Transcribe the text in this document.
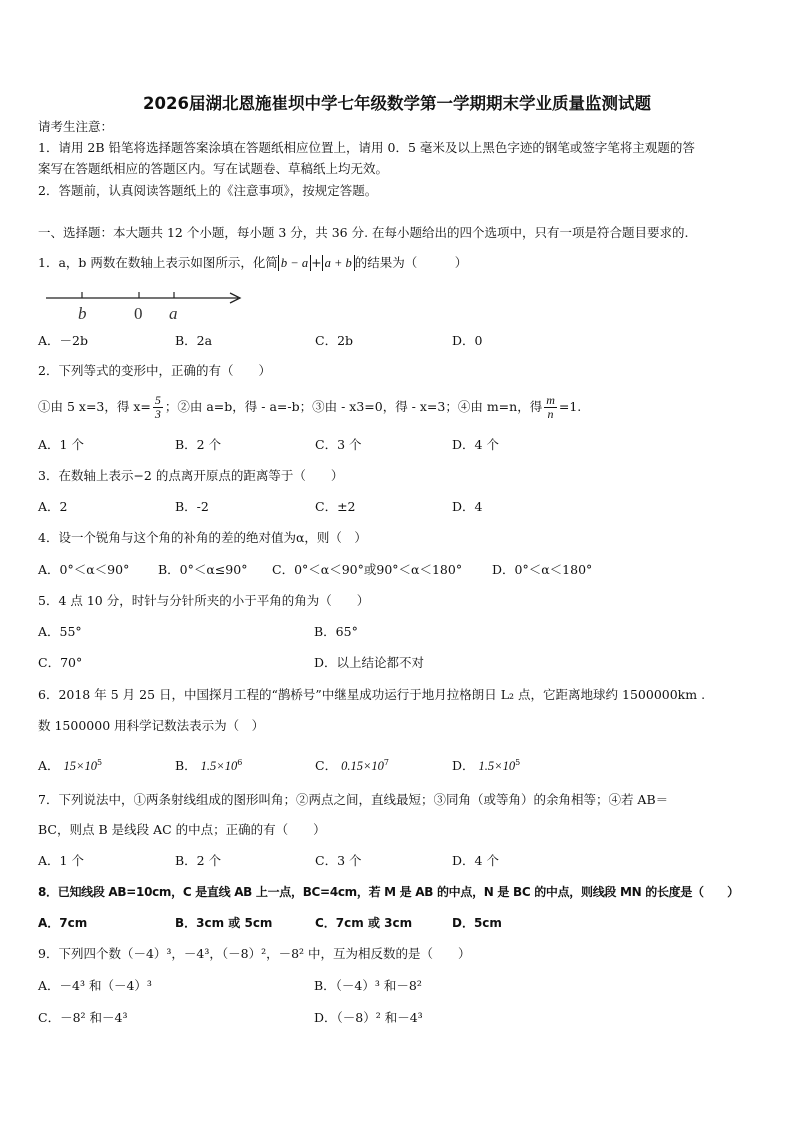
2026届湖北恩施崔坝中学七年级数学第一学期期末学业质量监测试题
请考生注意：
1．请用 2B 铅笔将选择题答案涂填在答题纸相应位置上，请用 0．5 毫米及以上黑色字迹的钢笔或签字笔将主观题的答
案写在答题纸相应的答题区内。写在试题卷、草稿纸上均无效。
2．答题前，认真阅读答题纸上的《注意事项》，按规定答题。
一、选择题：本大题共 12 个小题，每小题 3 分，共 36 分. 在每小题给出的四个选项中，只有一项是符合题目要求的.
1．a，b 两数在数轴上表示如图所示，化简 b − a + a + b 的结果为（　　　）
b	0 a
A．－2b	B．2a	C．2b	D．0
2．下列等式的变形中，正确的有（　　）
①由 5 x=3，得 $x= \frac{5}{3}$ ；②由 a=b，得 - a=-b；③由 - x3=0，得 - x=3；④由 m=n，得 $\frac{m}{n} =1$.
A．1 个	B．2 个	C．3 个	D．4 个
3．在数轴上表示−2 的点离开原点的距离等于（　　）
A．2	B．-2	C．±2	D．4
4．设一个锐角与这个角的补角的差的绝对值为α，则（　）
A．0°＜α＜90° B．0°＜α≤90° C．0°＜α＜90°或90°＜α＜180° D．0°＜α＜180°
5．4 点 10 分，时针与分针所夹的小于平角的角为（　　）
A．55°	B．65°
C．70°	D．以上结论都不对
6．2018 年 5 月 25 日，中国探月工程的“鹊桥号”中继星成功运行于地月拉格朗日 L₂ 点，它距离地球约 1500000km .
数 1500000 用科学记数法表示为（　）
A． $15\times 10^5$	B． $1.5\times 10^6$	C． $0.15\times 10^7$	D． $1.5\times 10^5$
7．下列说法中，①两条射线组成的图形叫角；②两点之间，直线最短；③同角（或等角）的余角相等；④若 AB＝
BC，则点 B 是线段 AC 的中点；正确的有（　　）
A．1 个	B．2 个	C．3 个	D．4 个
8．已知线段 AB=10cm，C 是直线 AB 上一点，BC=4cm，若 M 是 AB 的中点，N 是 BC 的中点，则线段 MN 的长度是（　　）
A．7cm	B．3cm 或 5cm	C．7cm 或 3cm	D．5cm
9．下列四个数（－4）³，－4³，（－8）²，－8² 中，互为相反数的是（　　）
A．－4³ 和（－4）³	B．（－4）³ 和－8²
C．－8² 和－4³	D．（－8）² 和－4³
